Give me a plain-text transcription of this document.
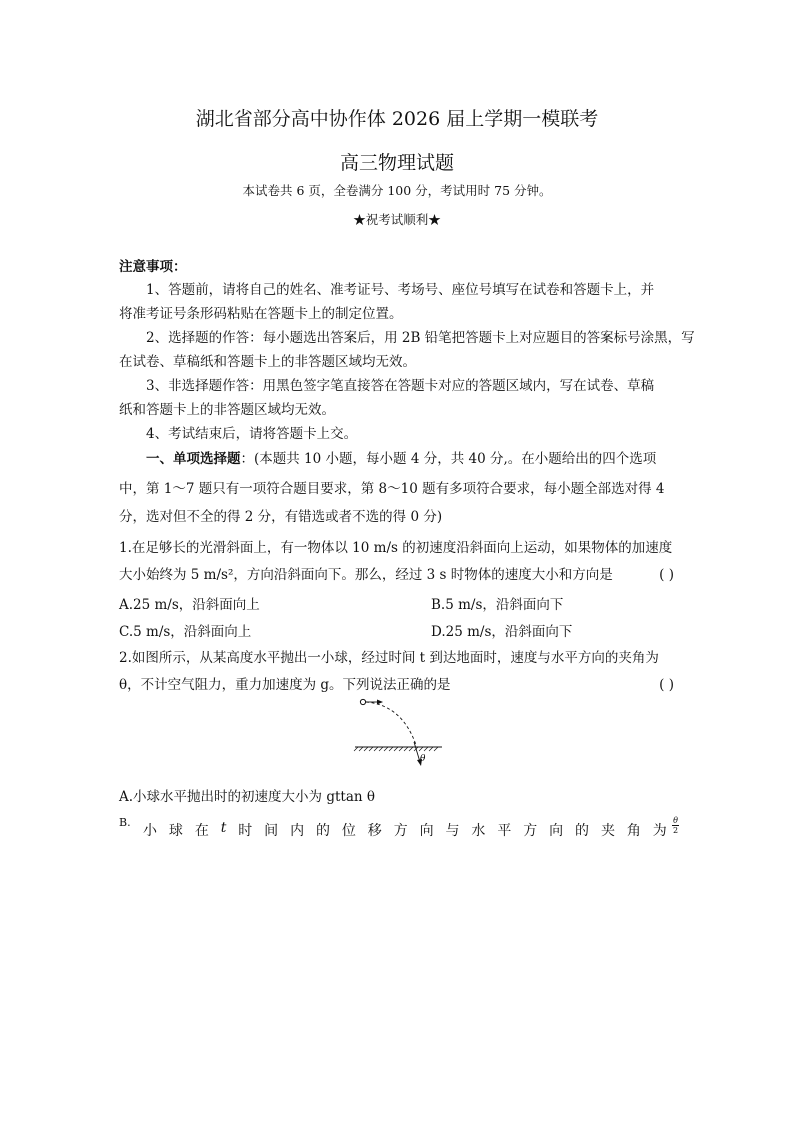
湖北省部分高中协作体 2026 届上学期一模联考
高三物理试题
本试卷共 6 页，全卷满分 100 分，考试用时 75 分钟。
★祝考试顺利★
注意事项：
1、答题前，请将自己的姓名、准考证号、考场号、座位号填写在试卷和答题卡上，并
将准考证号条形码粘贴在答题卡上的制定位置。
2、选择题的作答：每小题选出答案后，用 2B 铅笔把答题卡上对应题目的答案标号涂黑，写
在试卷、草稿纸和答题卡上的非答题区域均无效。
3、非选择题作答：用黑色签字笔直接答在答题卡对应的答题区域内，写在试卷、草稿
纸和答题卡上的非答题区域均无效。
4、考试结束后，请将答题卡上交。
一、单项选择题：(本题共 10 小题，每小题 4 分，共 40 分,。在小题给出的四个选项
中，第 1～7 题只有一项符合题目要求，第 8～10 题有多项符合要求，每小题全部选对得 4
分，选对但不全的得 2 分，有错选或者不选的得 0 分)
1.在足够长的光滑斜面上，有一物体以 10 m/s 的初速度沿斜面向上运动，如果物体的加速度
大小始终为 5 m/s²，方向沿斜面向下。那么，经过 3 s 时物体的速度大小和方向是	( )
A.25 m/s，沿斜面向上	B.5 m/s，沿斜面向下
C.5 m/s，沿斜面向上	D.25 m/s，沿斜面向下
2.如图所示，从某高度水平抛出一小球，经过时间 t 到达地面时，速度与水平方向的夹角为
θ，不计空气阻力，重力加速度为 g。下列说法正确的是	( )
θ
A.小球水平抛出时的初速度大小为 gttan θ
B.
小 球 在 t 时 间 内 的 位 移 方 向 与 水 平 方 向 的 夹 角 为 $\frac{\theta}{2}$
